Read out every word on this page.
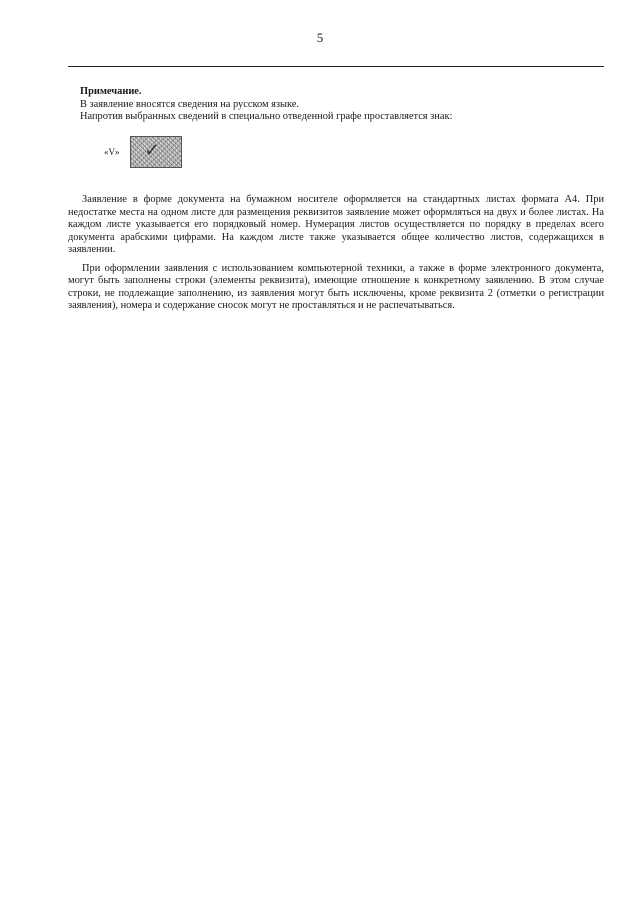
5

Примечание.

В заявление вносятся сведения на русском языке.

Напротив выбранных сведений в специально отведенной графе проставляется знак:

«V» ✓

Заявление в форме документа на бумажном носителе оформляется на стандартных листах формата А4. При недостатке места на одном листе для размещения реквизитов заявление может оформляться на двух и более листах. На каждом листе указывается его порядковый номер. Нумерация листов осуществляется по порядку в пределах всего документа арабскими цифрами. На каждом листе также указывается общее количество листов, содержащихся в заявлении.

При оформлении заявления с использованием компьютерной техники, а также в форме электронного документа, могут быть заполнены строки (элементы реквизита), имеющие отношение к конкретному заявлению. В этом случае строки, не подлежащие заполнению, из заявления могут быть исключены, кроме реквизита 2 (отметки о регистрации заявления), номера и содержание сносок могут не проставляться и не распечатываться.
